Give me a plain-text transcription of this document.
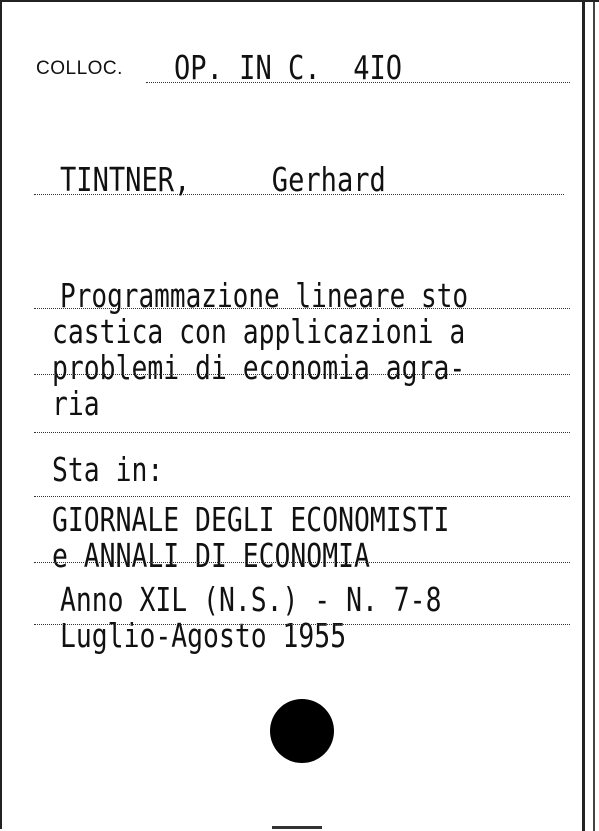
COLLOC. OP. IN C.  4IO
TINTNER,     Gerhard
Programmazione lineare sto
castica con applicazioni a
problemi di economia agra-
ria
Sta in:
GIORNALE DEGLI ECONOMISTI
e ANNALI DI ECONOMIA
Anno XIL (N.S.) - N. 7-8
Luglio-Agosto 1955
